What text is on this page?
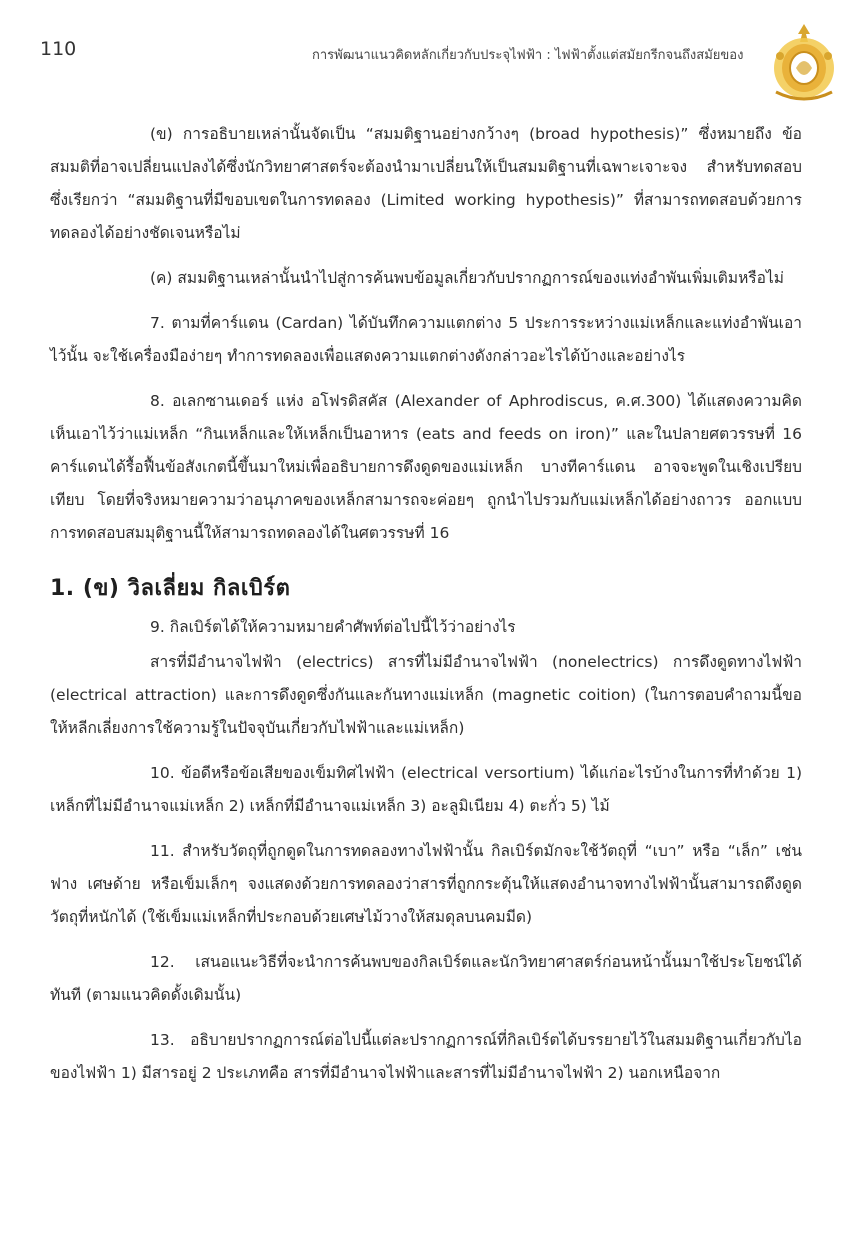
110	การพัฒนาแนวคิดหลักเกี่ยวกับประจุไฟฟ้า : ไฟฟ้าตั้งแต่สมัยกรีกจนถึงสมัยของ

(ข) การอธิบายเหล่านั้นจัดเป็น “สมมติฐานอย่างกว้างๆ (broad hypothesis)” ซึ่งหมายถึง ข้อสมมติที่อาจเปลี่ยนแปลงได้ซึ่งนักวิทยาศาสตร์จะต้องนำมาเปลี่ยนให้เป็นสมมติฐานที่เฉพาะเจาะจง สำหรับทดสอบ ซึ่งเรียกว่า “สมมติฐานที่มีขอบเขตในการทดลอง (Limited working hypothesis)” ที่สามารถทดสอบด้วยการทดลองได้อย่างชัดเจนหรือไม่

(ค) สมมติฐานเหล่านั้นนำไปสู่การค้นพบข้อมูลเกี่ยวกับปรากฏการณ์ของแท่งอำพันเพิ่มเติมหรือไม่

7. ตามที่คาร์แดน (Cardan) ได้บันทึกความแตกต่าง 5 ประการระหว่างแม่เหล็กและแท่งอำพันเอาไว้นั้น จะใช้เครื่องมือง่ายๆ ทำการทดลองเพื่อแสดงความแตกต่างดังกล่าวอะไรได้บ้างและอย่างไร

8. อเลกซานเดอร์ แห่ง อโฟรดิสคัส (Alexander of Aphrodiscus, ค.ศ.300) ได้แสดงความคิดเห็นเอาไว้ว่าแม่เหล็ก “กินเหล็กและให้เหล็กเป็นอาหาร (eats and feeds on iron)” และในปลายศตวรรษที่ 16 คาร์แดนได้รื้อฟื้นข้อสังเกตนี้ขึ้นมาใหม่เพื่ออธิบายการดึงดูดของแม่เหล็ก บางทีคาร์แดน อาจจะพูดในเชิงเปรียบเทียบ โดยที่จริงหมายความว่าอนุภาคของเหล็กสามารถจะค่อยๆ ถูกนำไปรวมกับแม่เหล็กได้อย่างถาวร ออกแบบการทดสอบสมมุติฐานนี้ให้สามารถทดลองได้ในศตวรรษที่ 16

1. (ข) วิลเลี่ยม กิลเบิร์ต

9. กิลเบิร์ตได้ให้ความหมายคำศัพท์ต่อไปนี้ไว้ว่าอย่างไร

สารที่มีอำนาจไฟฟ้า (electrics) สารที่ไม่มีอำนาจไฟฟ้า (nonelectrics) การดึงดูดทางไฟฟ้า (electrical attraction) และการดึงดูดซึ่งกันและกันทางแม่เหล็ก (magnetic coition) (ในการตอบคำถามนี้ขอให้หลีกเลี่ยงการใช้ความรู้ในปัจจุบันเกี่ยวกับไฟฟ้าและแม่เหล็ก)

10. ข้อดีหรือข้อเสียของเข็มทิศไฟฟ้า (electrical versortium) ได้แก่อะไรบ้างในการที่ทำด้วย 1) เหล็กที่ไม่มีอำนาจแม่เหล็ก 2) เหล็กที่มีอำนาจแม่เหล็ก 3) อะลูมิเนียม 4) ตะกั่ว 5) ไม้

11. สำหรับวัตถุที่ถูกดูดในการทดลองทางไฟฟ้านั้น กิลเบิร์ตมักจะใช้วัตถุที่ “เบา” หรือ “เล็ก” เช่น ฟาง เศษด้าย หรือเข็มเล็กๆ จงแสดงด้วยการทดลองว่าสารที่ถูกกระตุ้นให้แสดงอำนาจทางไฟฟ้านั้นสามารถดึงดูดวัตถุที่หนักได้ (ใช้เข็มแม่เหล็กที่ประกอบด้วยเศษไม้วางให้สมดุลบนคมมีด)

12. เสนอแนะวิธีที่จะนำการค้นพบของกิลเบิร์ตและนักวิทยาศาสตร์ก่อนหน้านั้นมาใช้ประโยชน์ได้ทันที (ตามแนวคิดดั้งเดิมนั้น)

13. อธิบายปรากฏการณ์ต่อไปนี้แต่ละปรากฏการณ์ที่กิลเบิร์ตได้บรรยายไว้ในสมมติฐานเกี่ยวกับไอของไฟฟ้า 1) มีสารอยู่ 2 ประเภทคือ สารที่มีอำนาจไฟฟ้าและสารที่ไม่มีอำนาจไฟฟ้า 2) นอกเหนือจาก
